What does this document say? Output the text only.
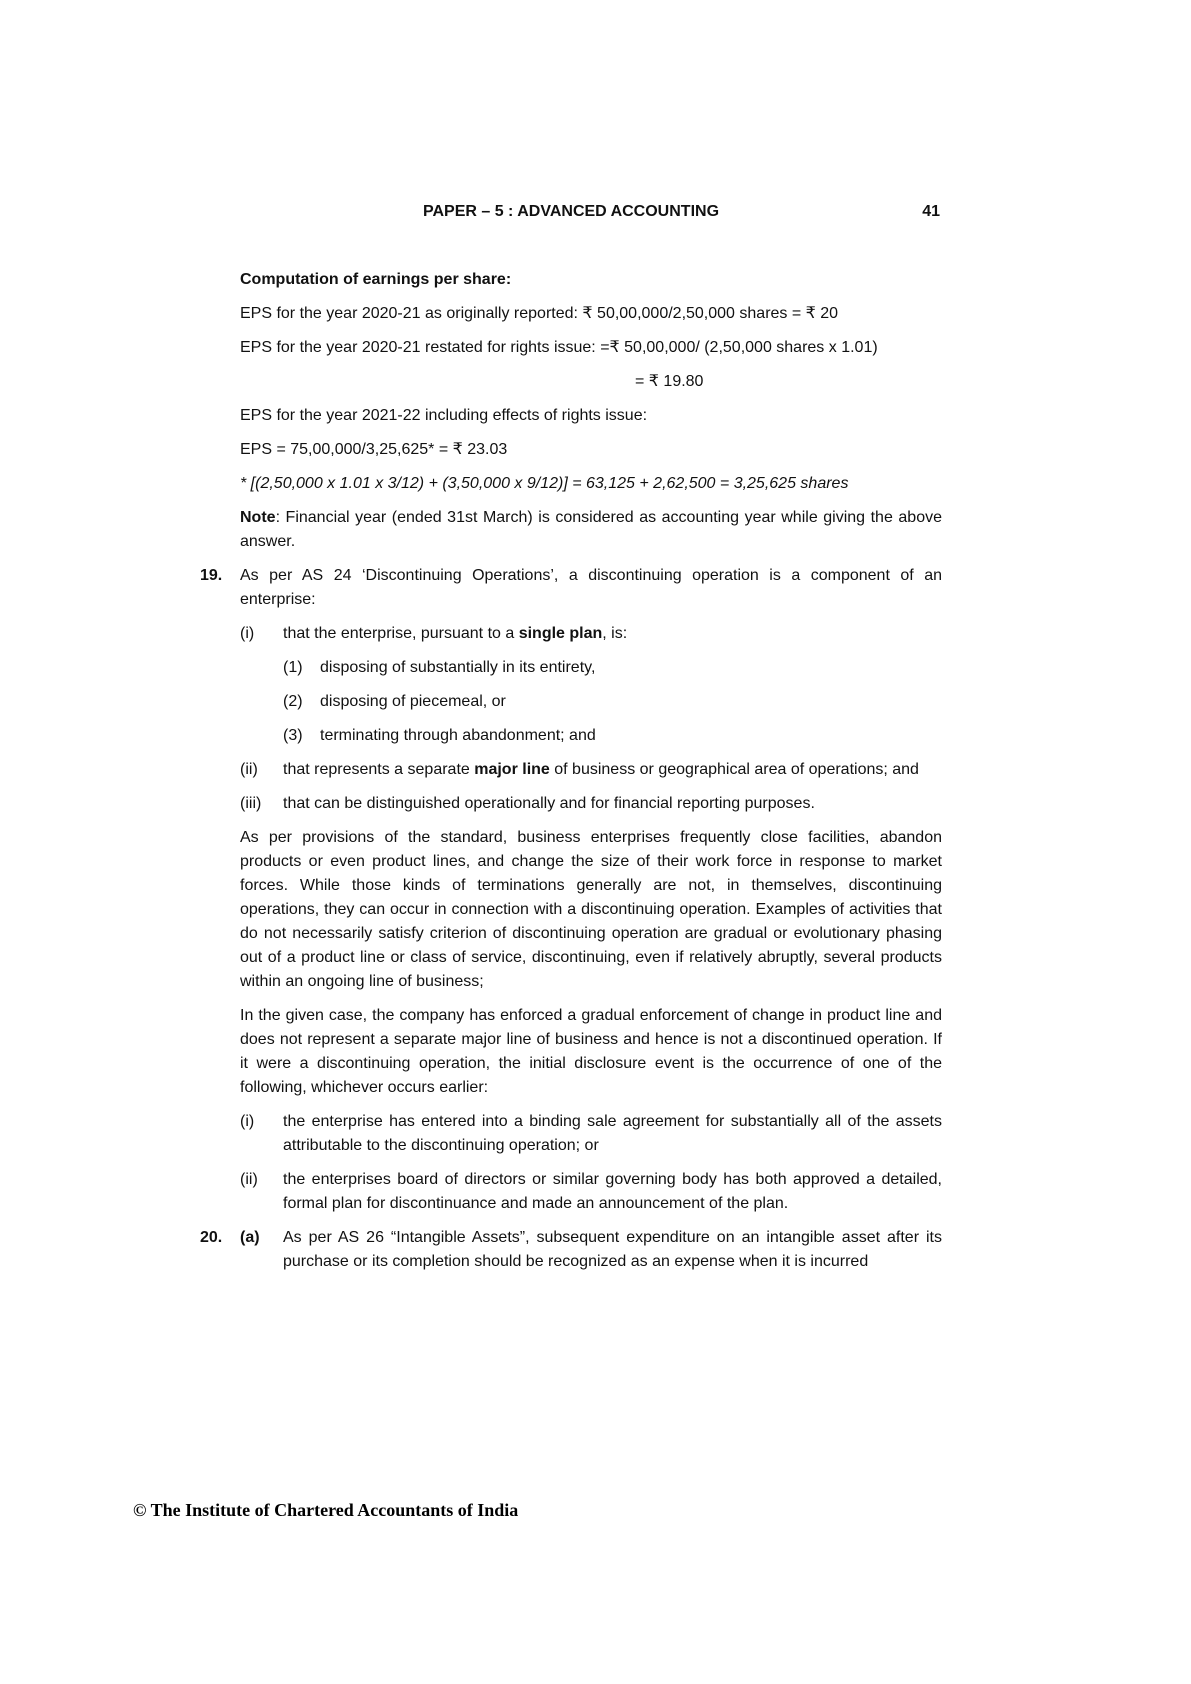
PAPER – 5 : ADVANCED ACCOUNTING	41

Computation of earnings per share:

EPS for the year 2020-21 as originally reported: ₹ 50,00,000/2,50,000 shares = ₹ 20

EPS for the year 2020-21 restated for rights issue: =₹ 50,00,000/ (2,50,000 shares x 1.01)

= ₹ 19.80

EPS for the year 2021-22 including effects of rights issue:

EPS = 75,00,000/3,25,625* = ₹ 23.03

* [(2,50,000 x 1.01 x 3/12) + (3,50,000 x 9/12)] = 63,125 + 2,62,500 = 3,25,625 shares

Note: Financial year (ended 31st March) is considered as accounting year while giving the above answer.

19.	As per AS 24 ‘Discontinuing Operations’, a discontinuing operation is a component of an enterprise:
(i)	that the enterprise, pursuant to a single plan, is:
(1)	disposing of substantially in its entirety,
(2)	disposing of piecemeal, or
(3)	terminating through abandonment; and
(ii)	that represents a separate major line of business or geographical area of operations; and
(iii)	that can be distinguished operationally and for financial reporting purposes.

As per provisions of the standard, business enterprises frequently close facilities, abandon products or even product lines, and change the size of their work force in response to market forces. While those kinds of terminations generally are not, in themselves, discontinuing operations, they can occur in connection with a discontinuing operation. Examples of activities that do not necessarily satisfy criterion of discontinuing operation are gradual or evolutionary phasing out of a product line or class of service, discontinuing, even if relatively abruptly, several products within an ongoing line of business;

In the given case, the company has enforced a gradual enforcement of change in product line and does not represent a separate major line of business and hence is not a discontinued operation. If it were a discontinuing operation, the initial disclosure event is the occurrence of one of the following, whichever occurs earlier:

(i)	the enterprise has entered into a binding sale agreement for substantially all of the assets attributable to the discontinuing operation; or
(ii)	the enterprises board of directors or similar governing body has both approved a detailed, formal plan for discontinuance and made an announcement of the plan.
20.	(a)	As per AS 26 “Intangible Assets”, subsequent expenditure on an intangible asset after its purchase or its completion should be recognized as an expense when it is incurred
© The Institute of Chartered Accountants of India
